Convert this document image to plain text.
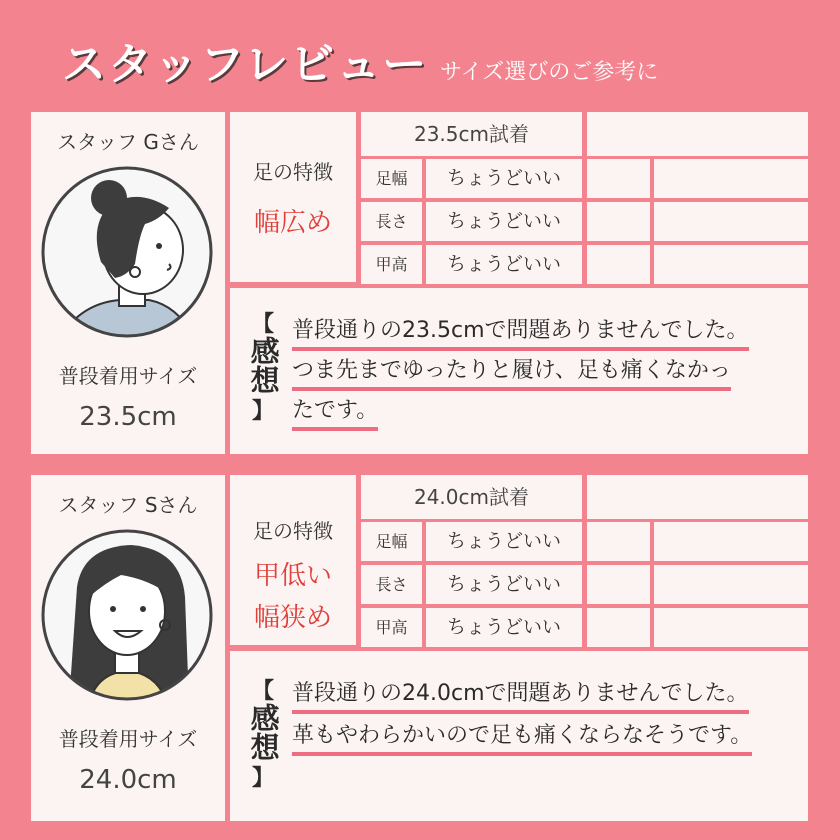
スタッフレビュー サイズ選びのご参考に
スタッフ Gさん
普段着用サイズ
23.5cm
足の特徴
幅広め
23.5cm試着
足幅	ちょうどいい
長さ	ちょうどいい
甲高	ちょうどいい
【
感想
】
普段通りの23.5cmで問題ありませんでした。
つま先までゆったりと履け、足も痛くなかっ
たです。
スタッフ Sさん
普段着用サイズ
24.0cm
足の特徴
甲低い
幅狭め
24.0cm試着
足幅	ちょうどいい
長さ	ちょうどいい
甲高	ちょうどいい
【
感想
】
普段通りの24.0cmで問題ありませんでした。
革もやわらかいので足も痛くならなそうです。
